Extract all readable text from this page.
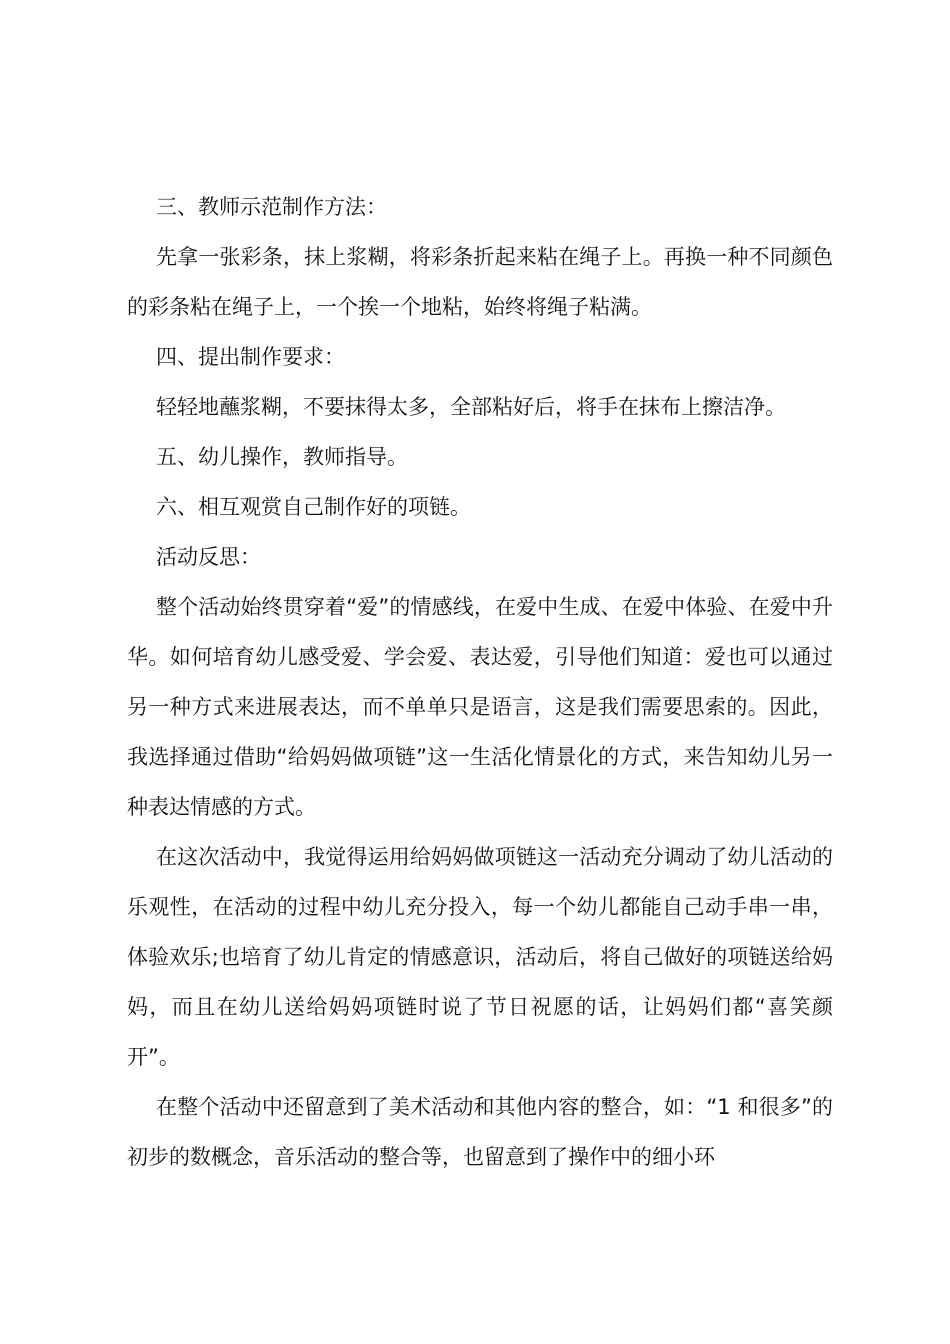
三、教师示范制作方法：

先拿一张彩条，抹上浆糊，将彩条折起来粘在绳子上。再换一种不同颜色的彩条粘在绳子上，一个挨一个地粘，始终将绳子粘满。

四、提出制作要求：

轻轻地蘸浆糊，不要抹得太多，全部粘好后，将手在抹布上擦洁净。

五、幼儿操作，教师指导。

六、相互观赏自己制作好的项链。

活动反思：

整个活动始终贯穿着“爱”的情感线，在爱中生成、在爱中体验、在爱中升华。如何培育幼儿感受爱、学会爱、表达爱，引导他们知道：爱也可以通过另一种方式来进展表达，而不单单只是语言，这是我们需要思索的。因此，我选择通过借助“给妈妈做项链”这一生活化情景化的方式，来告知幼儿另一种表达情感的方式。

在这次活动中，我觉得运用给妈妈做项链这一活动充分调动了幼儿活动的乐观性，在活动的过程中幼儿充分投入，每一个幼儿都能自己动手串一串，体验欢乐;也培育了幼儿肯定的情感意识，活动后，将自己做好的项链送给妈妈，而且在幼儿送给妈妈项链时说了节日祝愿的话，让妈妈们都“喜笑颜开”。

在整个活动中还留意到了美术活动和其他内容的整合，如：“1 和很多”的初步的数概念，音乐活动的整合等，也留意到了操作中的细小环
